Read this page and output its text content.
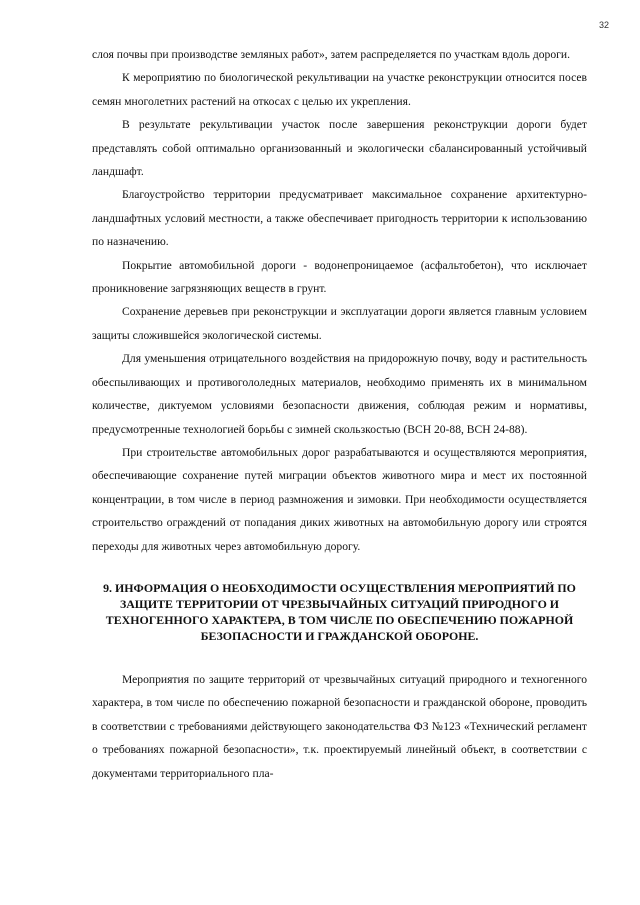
32

слоя почвы при производстве земляных работ», затем распределяется по участкам вдоль дороги.

К мероприятию по биологической рекультивации на участке реконструкции относится посев семян многолетних растений на откосах с целью их укрепления.

В результате рекультивации участок после завершения реконструкции дороги будет представлять собой оптимально организованный и экологически сбалансированный устойчивый ландшафт.

Благоустройство территории предусматривает максимальное сохранение архитектурно-ландшафтных условий местности, а также обеспечивает пригодность территории к использованию по назначению.

Покрытие автомобильной дороги - водонепроницаемое (асфальтобетон), что исключает проникновение загрязняющих веществ в грунт.

Сохранение деревьев при реконструкции и эксплуатации дороги является главным условием защиты сложившейся экологической системы.

Для уменьшения отрицательного воздействия на придорожную почву, воду и растительность обеспыливающих и противогололедных материалов, необходимо применять их в минимальном количестве, диктуемом условиями безопасности движения, соблюдая режим и нормативы, предусмотренные технологией борьбы с зимней скользкостью (ВСН 20-88, ВСН 24-88).

При строительстве автомобильных дорог разрабатываются и осуществляются мероприятия, обеспечивающие сохранение путей миграции объектов животного мира и мест их постоянной концентрации, в том числе в период размножения и зимовки. При необходимости осуществляется строительство ограждений от попадания диких животных на автомобильную дорогу или строятся переходы для животных через автомобильную дорогу.

9. ИНФОРМАЦИЯ О НЕОБХОДИМОСТИ ОСУЩЕСТВЛЕНИЯ МЕРОПРИЯТИЙ ПО ЗАЩИТЕ ТЕРРИТОРИИ ОТ ЧРЕЗВЫЧАЙНЫХ СИТУАЦИЙ ПРИРОДНОГО И ТЕХНОГЕННОГО ХАРАКТЕРА, В ТОМ ЧИСЛЕ ПО ОБЕСПЕЧЕНИЮ ПОЖАРНОЙ БЕЗОПАСНОСТИ И ГРАЖДАНСКОЙ ОБОРОНЕ.

Мероприятия по защите территорий от чрезвычайных ситуаций природного и техногенного характера, в том числе по обеспечению пожарной безопасности и гражданской обороне, проводить в соответствии с требованиями действующего законодательства ФЗ №123 «Технический регламент о требованиях пожарной безопасности», т.к. проектируемый линейный объект, в соответствии с документами территориального пла-
